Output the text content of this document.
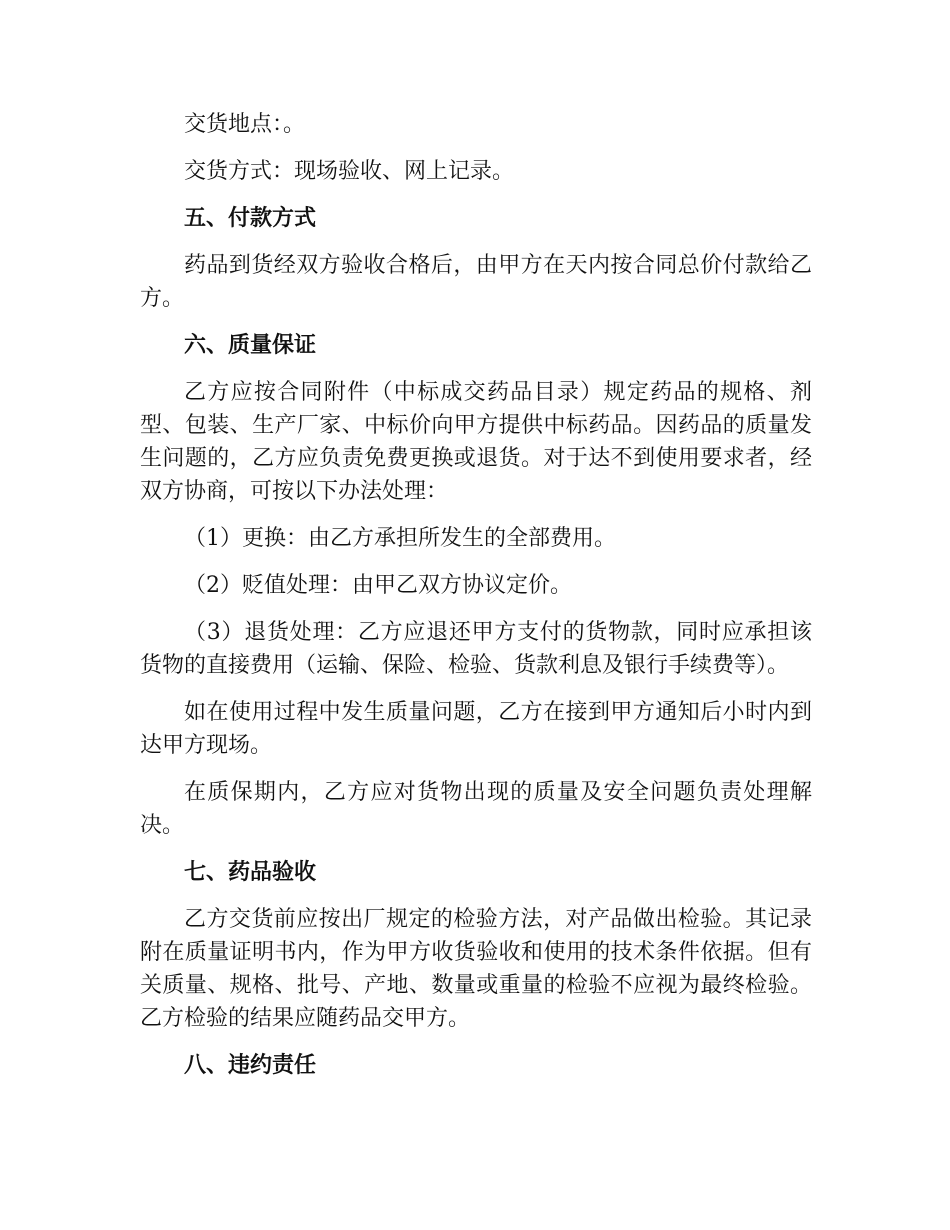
交货地点：。

交货方式：现场验收、网上记录。

五、付款方式

药品到货经双方验收合格后，由甲方在天内按合同总价付款给乙方。

六、质量保证

乙方应按合同附件（中标成交药品目录）规定药品的规格、剂型、包装、生产厂家、中标价向甲方提供中标药品。因药品的质量发生问题的，乙方应负责免费更换或退货。对于达不到使用要求者，经双方协商，可按以下办法处理：

（1）更换：由乙方承担所发生的全部费用。

（2）贬值处理：由甲乙双方协议定价。

（3）退货处理：乙方应退还甲方支付的货物款，同时应承担该货物的直接费用（运输、保险、检验、货款利息及银行手续费等）。

如在使用过程中发生质量问题，乙方在接到甲方通知后小时内到达甲方现场。

在质保期内，乙方应对货物出现的质量及安全问题负责处理解决。

七、药品验收

乙方交货前应按出厂规定的检验方法，对产品做出检验。其记录附在质量证明书内，作为甲方收货验收和使用的技术条件依据。但有关质量、规格、批号、产地、数量或重量的检验不应视为最终检验。乙方检验的结果应随药品交甲方。

八、违约责任
